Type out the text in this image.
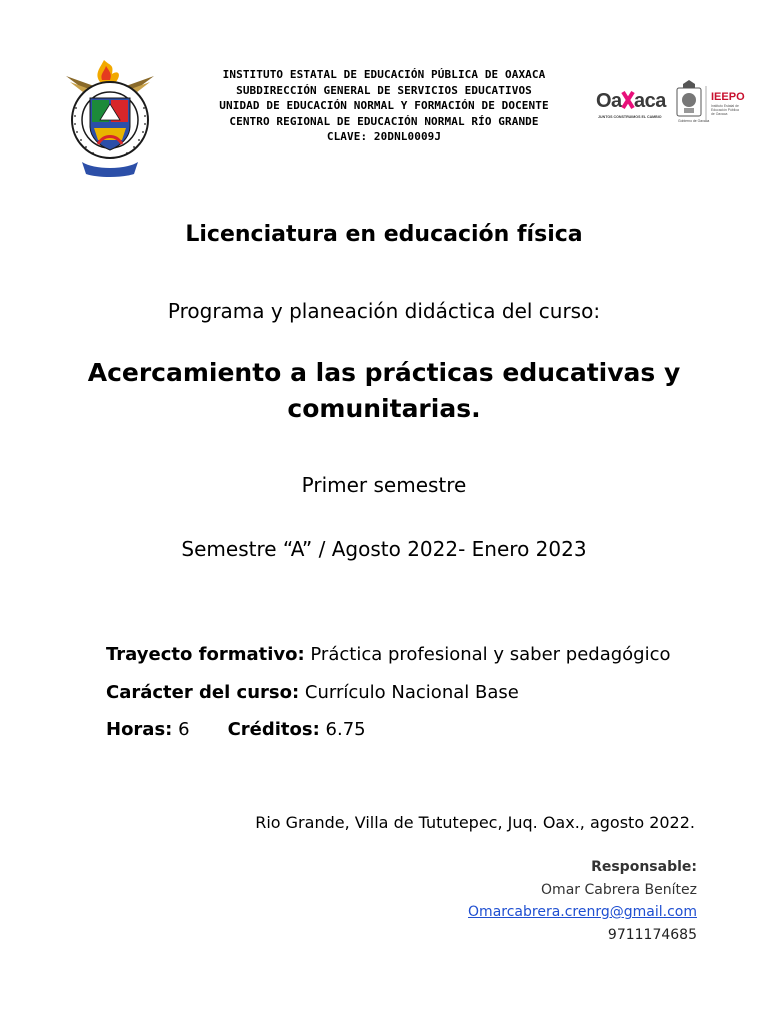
INSTITUTO ESTATAL DE EDUCACIÓN PÚBLICA DE OAXACA
SUBDIRECCIÓN GENERAL DE SERVICIOS EDUCATIVOS
UNIDAD DE EDUCACIÓN NORMAL Y FORMACIÓN DE DOCENTE
CENTRO REGIONAL DE EDUCACIÓN NORMAL RÍO GRANDE
CLAVE: 20DNL0009J
Oa aca
JUNTOS CONSTRUIMOS EL CAMBIO
Gobierno de Oaxaca
IEEPO
Instituto Estatal de
Educación Pública
de Oaxaca
Licenciatura en educación física
Programa y planeación didáctica del curso:
Acercamiento a las prácticas educativas y comunitarias.
Primer semestre
Semestre “A” / Agosto 2022- Enero 2023
Trayecto formativo: Práctica profesional y saber pedagógico
Carácter del curso: Currículo Nacional Base
Horas: 6 Créditos: 6.75
Rio Grande, Villa de Tututepec, Juq. Oax., agosto 2022.
Responsable:
Omar Cabrera Benítez
Omarcabrera.crenrg@gmail.com
9711174685
